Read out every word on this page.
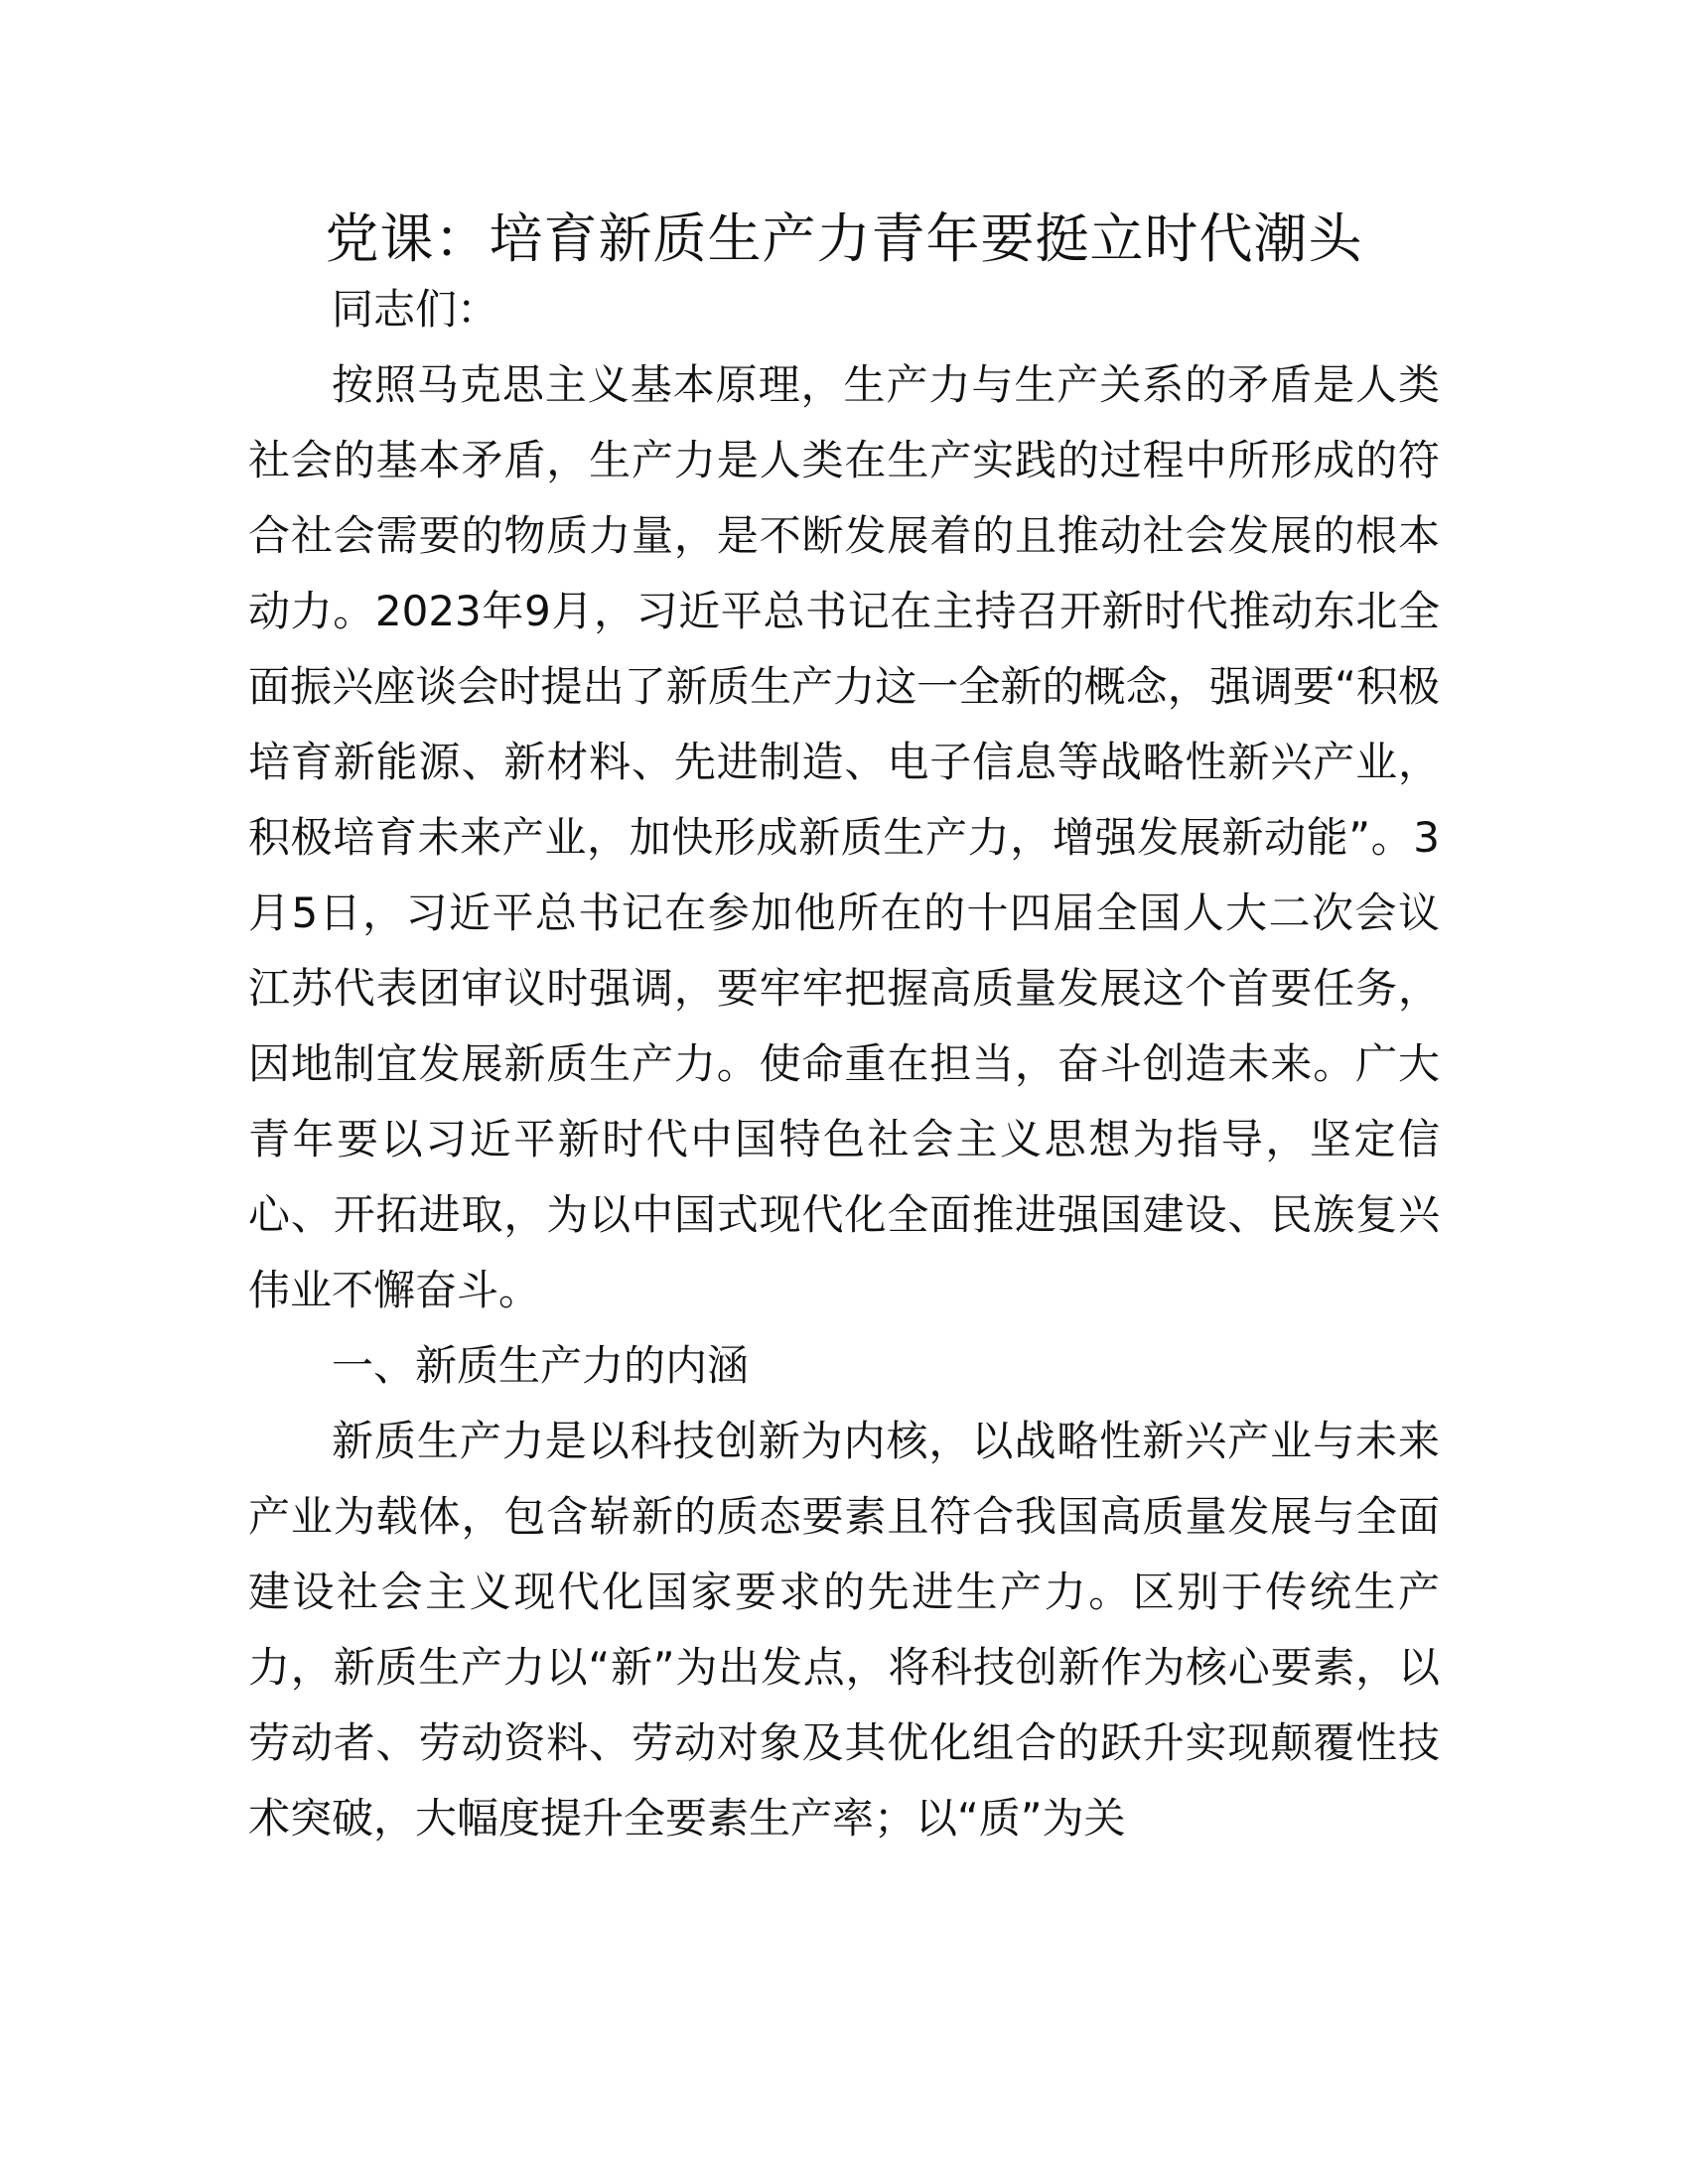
党课：培育新质生产力青年要挺立时代潮头

同志们：

按照马克思主义基本原理，生产力与生产关系的矛盾是人类社会的基本矛盾，生产力是人类在生产实践的过程中所形成的符合社会需要的物质力量，是不断发展着的且推动社会发展的根本动力。2023年9月，习近平总书记在主持召开新时代推动东北全面振兴座谈会时提出了新质生产力这一全新的概念，强调要“积极培育新能源、新材料、先进制造、电子信息等战略性新兴产业，积极培育未来产业，加快形成新质生产力，增强发展新动能”。3月5日，习近平总书记在参加他所在的十四届全国人大二次会议江苏代表团审议时强调，要牢牢把握高质量发展这个首要任务，因地制宜发展新质生产力。使命重在担当，奋斗创造未来。广大青年要以习近平新时代中国特色社会主义思想为指导，坚定信心、开拓进取，为以中国式现代化全面推进强国建设、民族复兴伟业不懈奋斗。

一、新质生产力的内涵

新质生产力是以科技创新为内核，以战略性新兴产业与未来产业为载体，包含崭新的质态要素且符合我国高质量发展与全面建设社会主义现代化国家要求的先进生产力。区别于传统生产力，新质生产力以“新”为出发点，将科技创新作为核心要素，以劳动者、劳动资料、劳动对象及其优化组合的跃升实现颠覆性技术突破，大幅度提升全要素生产率；以“质”为关
